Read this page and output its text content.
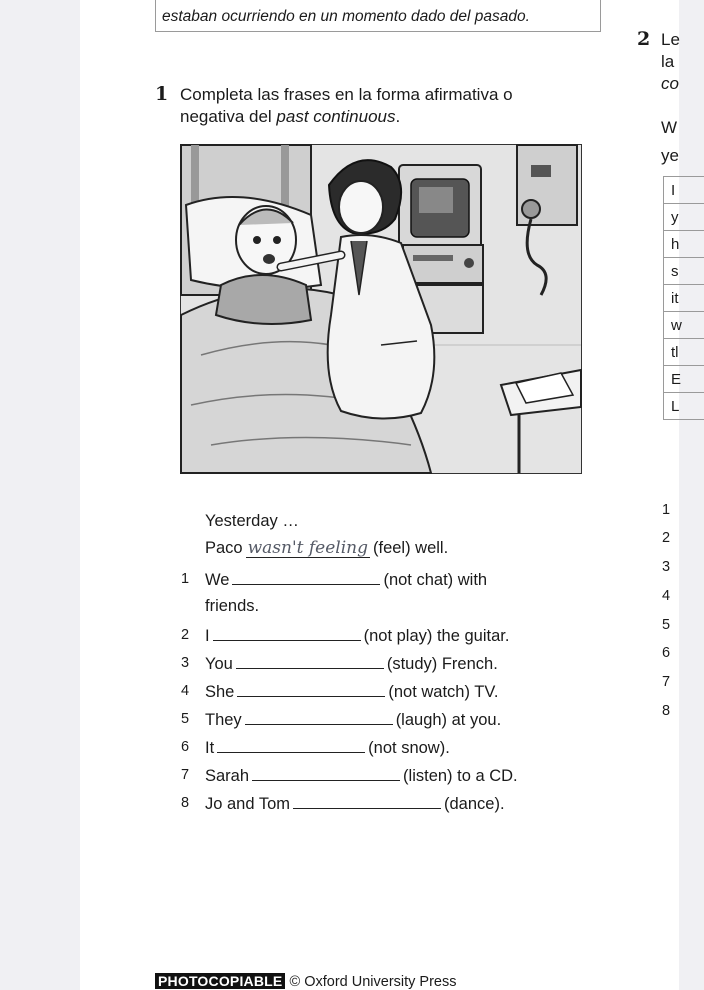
estaban ocurriendo en un momento dado del pasado.
1 Completa las frases en la forma afirmativa o
negativa del past continuous.
Yesterday …
Paco wasn't feeling (feel) well.
1 We	(not chat) with
friends.
2 I	(not play) the guitar.
3 You	(study) French.
4 She	(not watch) TV.
5 They	(laugh) at you.
6 It	(not snow).
7 Sarah	(listen) to a CD.
8 Jo and Tom	(dance).
2 Le
la
co
W
ye
I
y
h
s
it
w
tl
E
L
1
2
3
4
5
6
7
8
PHOTOCOPIABLE © Oxford University Press
